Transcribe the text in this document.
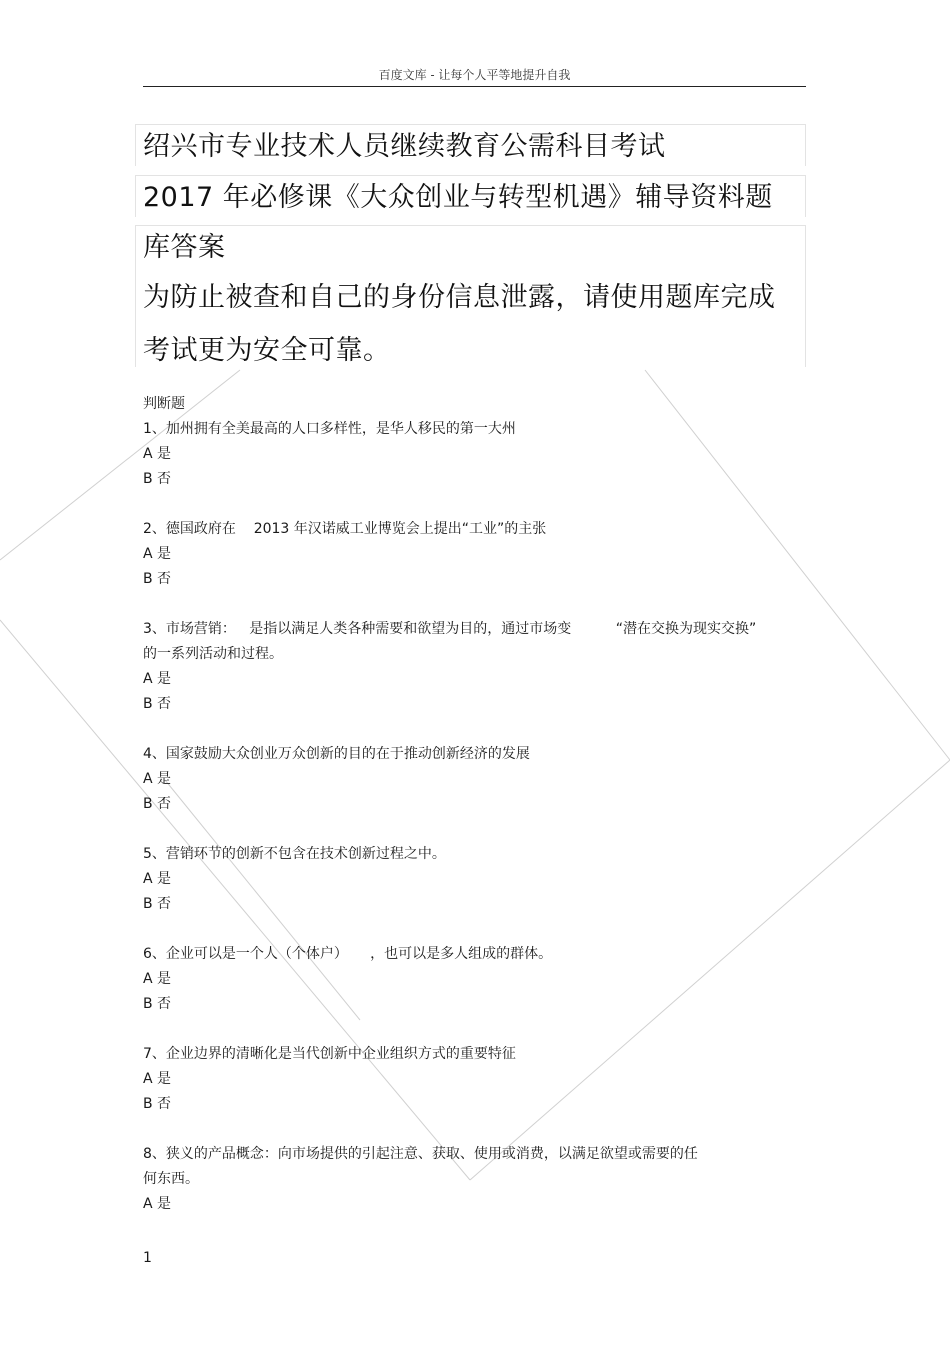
百度文库 - 让每个人平等地提升自我
绍兴市专业技术人员继续教育公需科目考试
2017 年必修课《大众创业与转型机遇》辅导资料题
库答案
为防止被查和自己的身份信息泄露，请使用题库完成
考试更为安全可靠。

判断题

1、加州拥有全美最高的人口多样性，是华人移民的第一大州

A 是

B 否

2、德国政府在    2013 年汉诺威工业博览会上提出“工业”的主张

A 是

B 否

3、市场营销：   是指以满足人类各种需要和欲望为目的，通过市场变          “潜在交换为现实交换”
的一系列活动和过程。

A 是

B 否

4、国家鼓励大众创业万众创新的目的在于推动创新经济的发展

A 是

B 否

5、营销环节的创新不包含在技术创新过程之中。

A 是

B 否

6、企业可以是一个人（个体户）     ，也可以是多人组成的群体。

A 是

B 否

7、企业边界的清晰化是当代创新中企业组织方式的重要特征

A 是

B 否

8、狭义的产品概念：向市场提供的引起注意、获取、使用或消费，以满足欲望或需要的任
何东西。

A 是

1
